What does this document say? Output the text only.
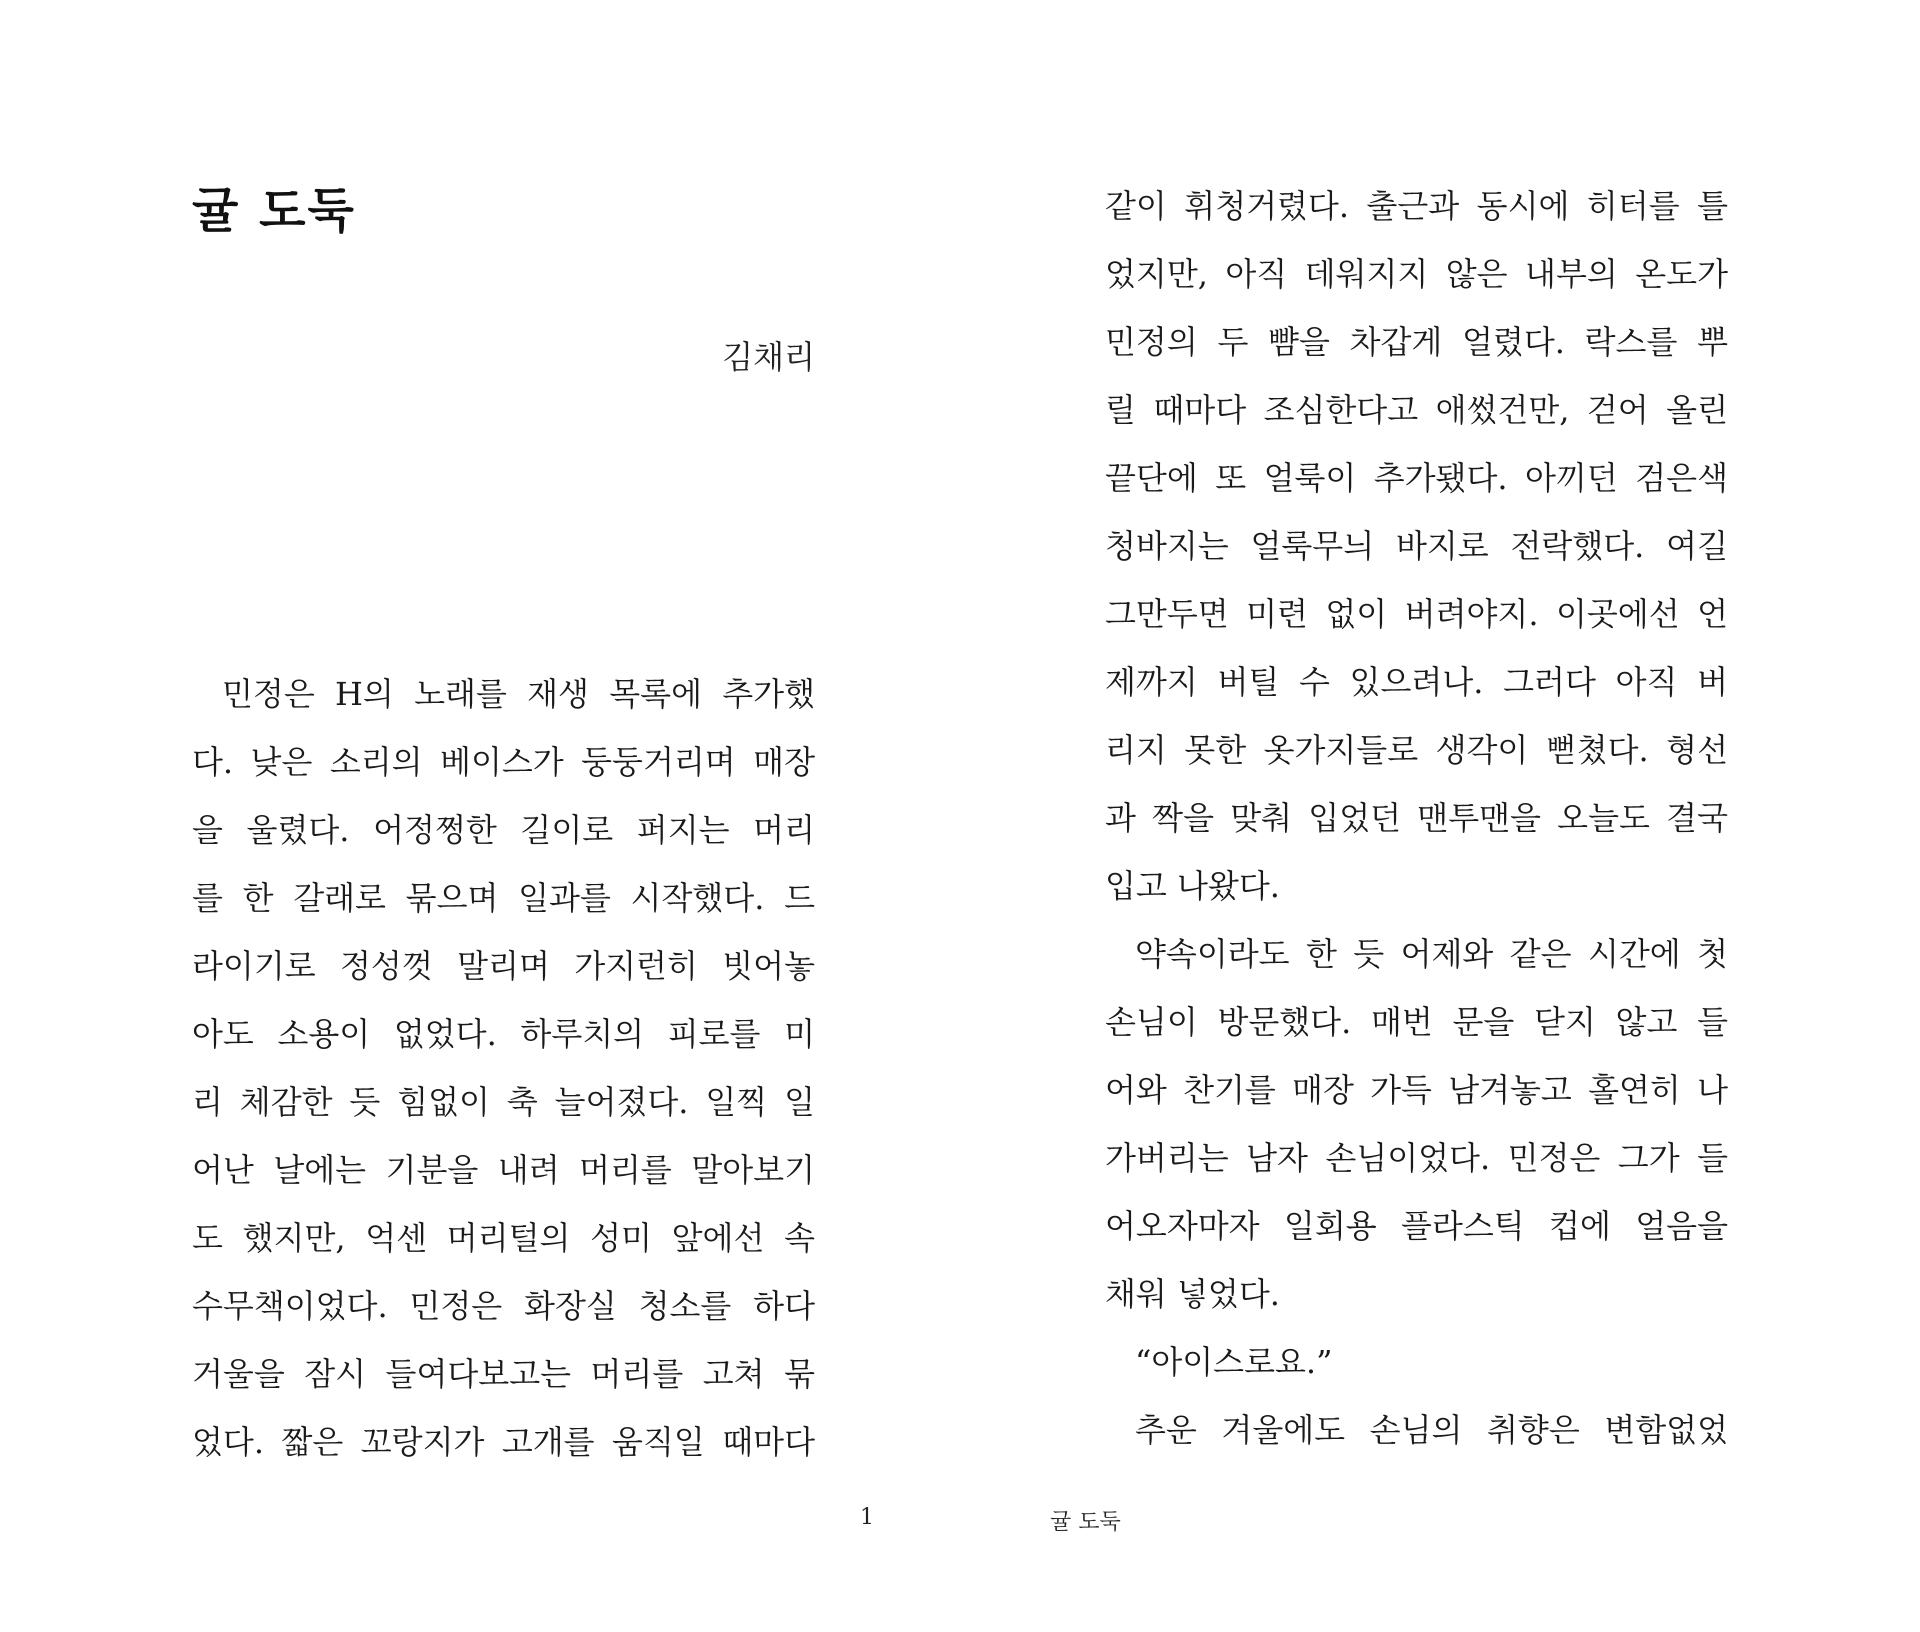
귤 도둑
김채리
민정은 H의 노래를 재생 목록에 추가했
다. 낮은 소리의 베이스가 둥둥거리며 매장
을 울렸다. 어정쩡한 길이로 퍼지는 머리
를 한 갈래로 묶으며 일과를 시작했다. 드
라이기로 정성껏 말리며 가지런히 빗어놓
아도 소용이 없었다. 하루치의 피로를 미
리 체감한 듯 힘없이 축 늘어졌다. 일찍 일
어난 날에는 기분을 내려 머리를 말아보기
도 했지만, 억센 머리털의 성미 앞에선 속
수무책이었다. 민정은 화장실 청소를 하다
거울을 잠시 들여다보고는 머리를 고쳐 묶
었다. 짧은 꼬랑지가 고개를 움직일 때마다
같이 휘청거렸다. 출근과 동시에 히터를 틀
었지만, 아직 데워지지 않은 내부의 온도가
민정의 두 뺨을 차갑게 얼렸다. 락스를 뿌
릴 때마다 조심한다고 애썼건만, 걷어 올린
끝단에 또 얼룩이 추가됐다. 아끼던 검은색
청바지는 얼룩무늬 바지로 전락했다. 여길
그만두면 미련 없이 버려야지. 이곳에선 언
제까지 버틸 수 있으려나. 그러다 아직 버
리지 못한 옷가지들로 생각이 뻗쳤다. 형선
과 짝을 맞춰 입었던 맨투맨을 오늘도 결국
입고 나왔다.
약속이라도 한 듯 어제와 같은 시간에 첫
손님이 방문했다. 매번 문을 닫지 않고 들
어와 찬기를 매장 가득 남겨놓고 홀연히 나
가버리는 남자 손님이었다. 민정은 그가 들
어오자마자 일회용 플라스틱 컵에 얼음을
채워 넣었다.
“아이스로요.”
추운 겨울에도 손님의 취향은 변함없었
1	귤 도둑
